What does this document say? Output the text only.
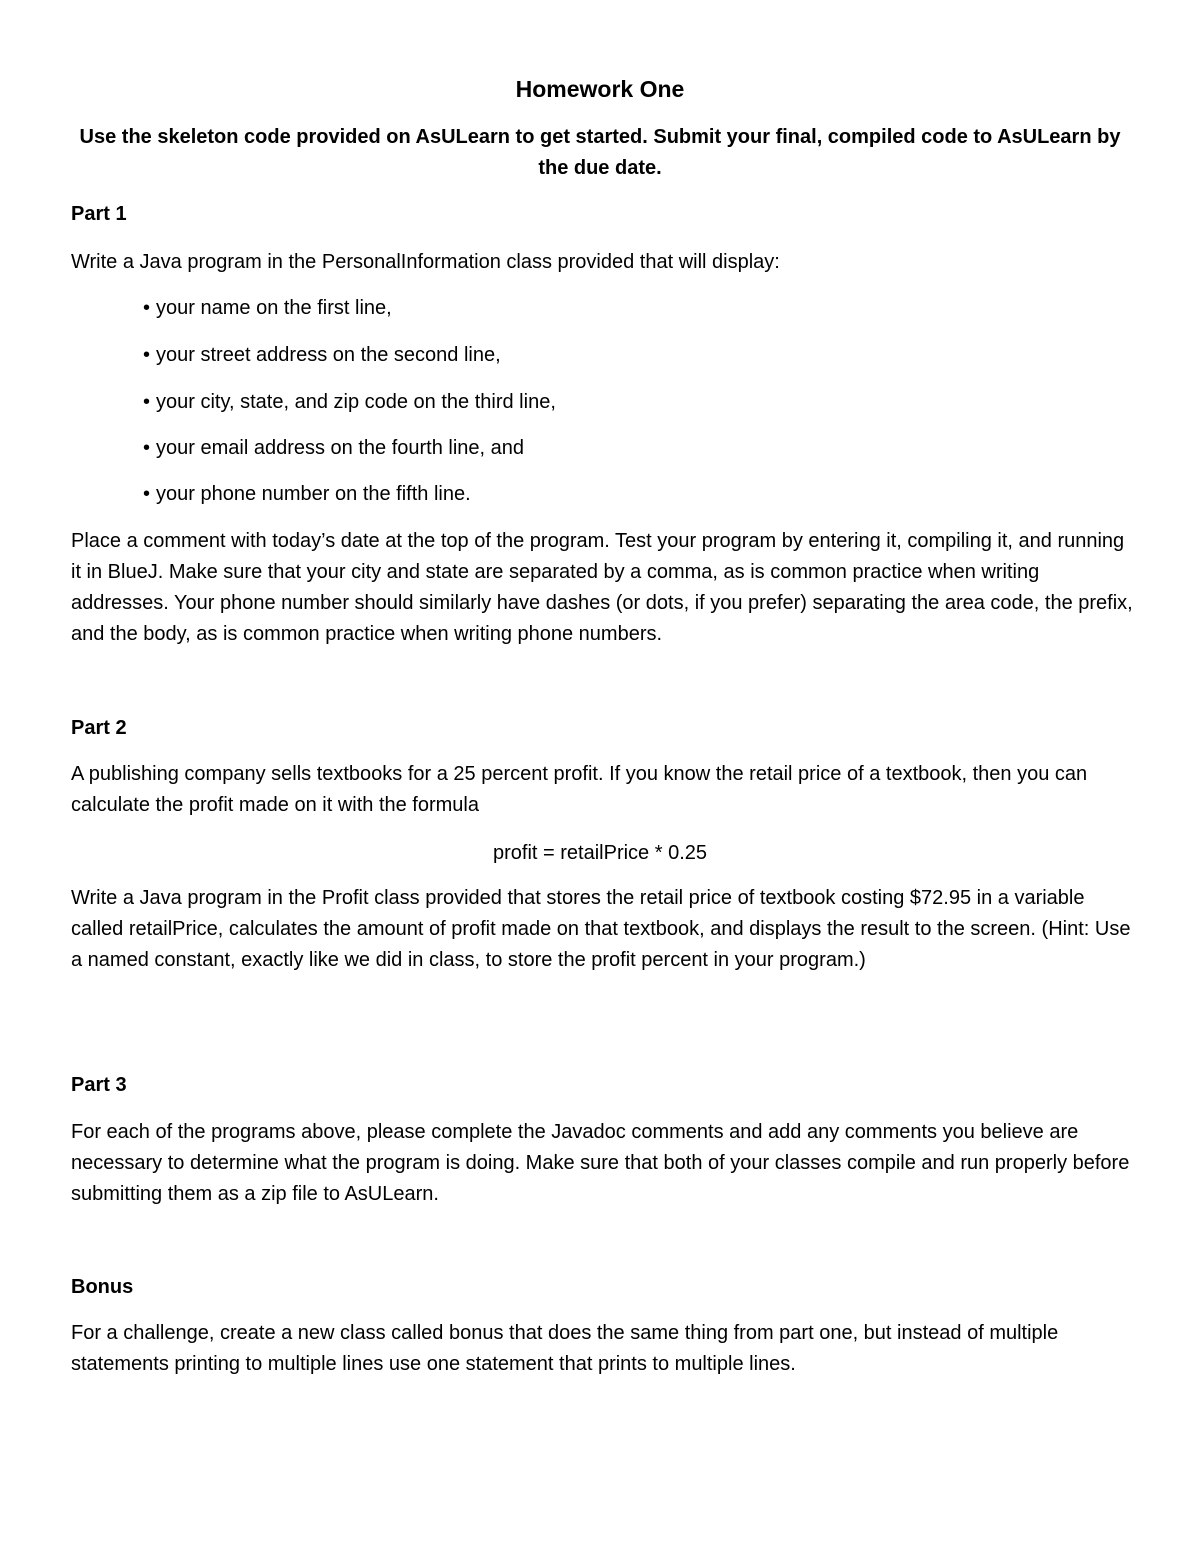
Homework One
Use the skeleton code provided on AsULearn to get started. Submit your final, compiled code to AsULearn by the due date.
Part 1
Write a Java program in the PersonalInformation class provided that will display:
• your name on the first line,
• your street address on the second line,
• your city, state, and zip code on the third line,
• your email address on the fourth line, and
• your phone number on the fifth line.
Place a comment with today’s date at the top of the program. Test your program by entering it, compiling it, and running it in BlueJ. Make sure that your city and state are separated by a comma, as is common practice when writing addresses. Your phone number should similarly have dashes (or dots, if you prefer) separating the area code, the prefix, and the body, as is common practice when writing phone numbers.
Part 2
A publishing company sells textbooks for a 25 percent profit. If you know the retail price of a textbook, then you can calculate the profit made on it with the formula
profit = retailPrice * 0.25
Write a Java program in the Profit class provided that stores the retail price of textbook costing $72.95 in a variable called retailPrice, calculates the amount of profit made on that textbook, and displays the result to the screen. (Hint: Use a named constant, exactly like we did in class, to store the profit percent in your program.)
Part 3
For each of the programs above, please complete the Javadoc comments and add any comments you believe are necessary to determine what the program is doing. Make sure that both of your classes compile and run properly before submitting them as a zip file to AsULearn.
Bonus
For a challenge, create a new class called bonus that does the same thing from part one, but instead of multiple statements printing to multiple lines use one statement that prints to multiple lines.
